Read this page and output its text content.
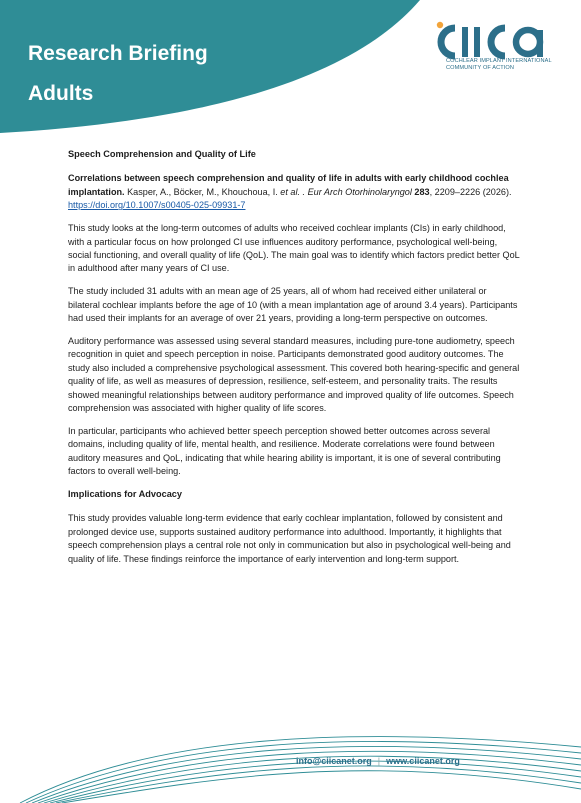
Research Briefing
Adults
COCHLEAR IMPLANT INTERNATIONAL
COMMUNITY OF ACTION
Speech Comprehension and Quality of Life

Correlations between speech comprehension and quality of life in adults with early childhood cochlea implantation. Kasper, A., Böcker, M., Khouchoua, I. et al. . Eur Arch Otorhinolaryngol 283, 2209–2226 (2026). https://doi.org/10.1007/s00405-025-09931-7

This study looks at the long-term outcomes of adults who received cochlear implants (CIs) in early childhood, with a particular focus on how prolonged CI use influences auditory performance, psychological well-being, social functioning, and overall quality of life (QoL). The main goal was to identify which factors predict better QoL in adulthood after many years of CI use.

The study included 31 adults with an mean age of 25 years, all of whom had received either unilateral or bilateral cochlear implants before the age of 10 (with a mean implantation age of around 3.4 years). Participants had used their implants for an average of over 21 years, providing a long-term perspective on outcomes.

Auditory performance was assessed using several standard measures, including pure-tone audiometry, speech recognition in quiet and speech perception in noise. Participants demonstrated good auditory outcomes. The study also included a comprehensive psychological assessment. This covered both hearing-specific and general quality of life, as well as measures of depression, resilience, self-esteem, and personality traits. The results showed meaningful relationships between auditory performance and improved quality of life outcomes. Speech comprehension was associated with higher quality of life scores.

In particular, participants who achieved better speech perception showed better outcomes across several domains, including quality of life, mental health, and resilience. Moderate correlations were found between auditory measures and QoL, indicating that while hearing ability is important, it is one of several contributing factors to overall well-being.

Implications for Advocacy

This study provides valuable long-term evidence that early cochlear implantation, followed by consistent and prolonged device use, supports sustained auditory performance into adulthood. Importantly, it highlights that speech comprehension plays a central role not only in communication but also in psychological well-being and quality of life. These findings reinforce the importance of early intervention and long-term support.

info@ciicanet.org | www.ciicanet.org
